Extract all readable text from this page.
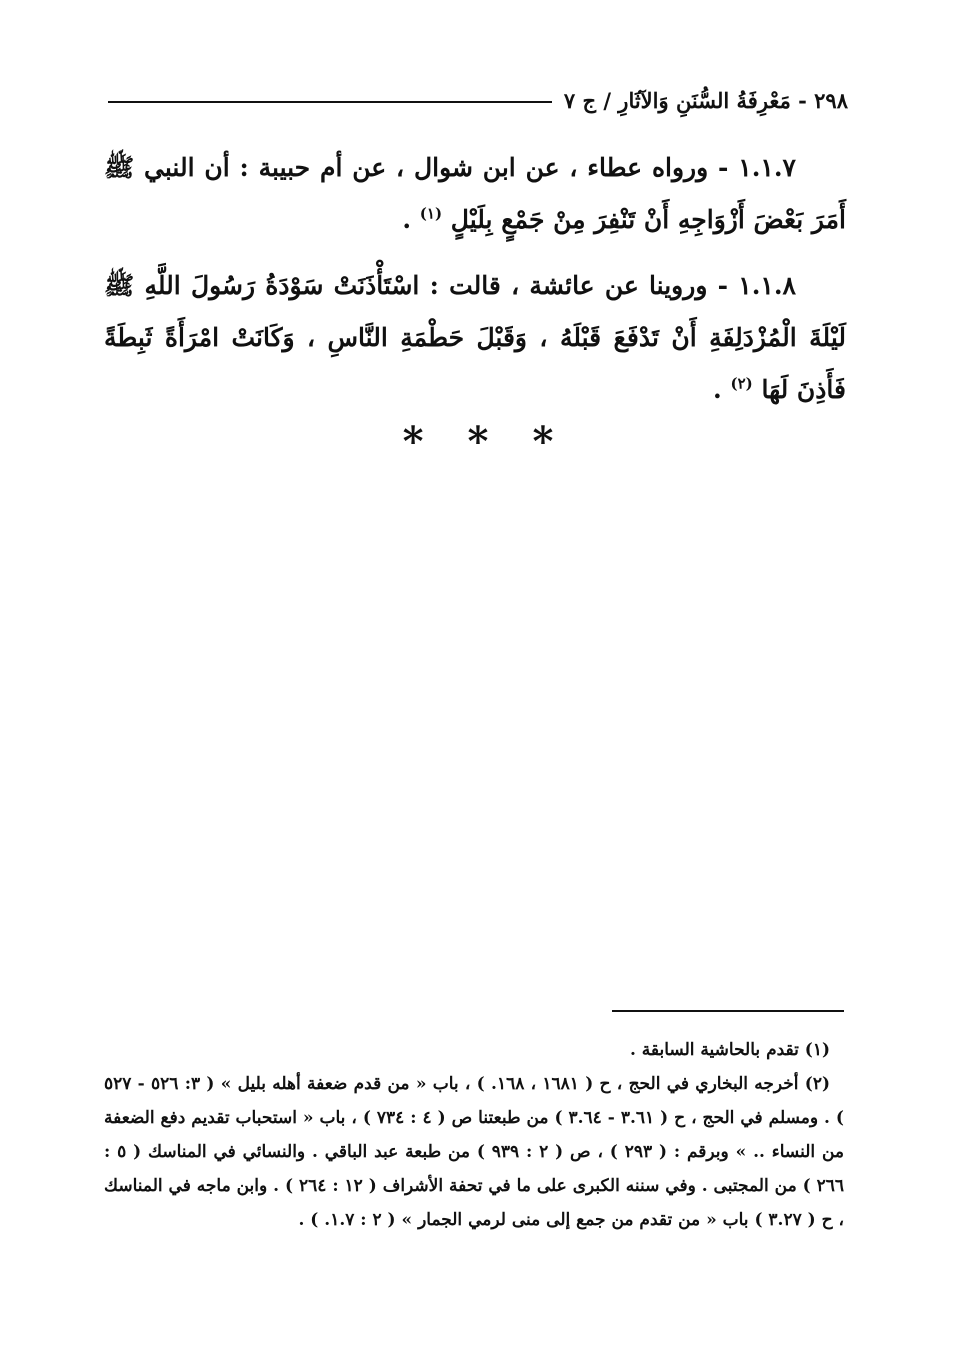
٢٩٨ - مَعْرِفَةُ السُّنَنِ وَالآثَارِ / ج ٧

١.١.٧ - ورواه عطاء ، عن ابن شوال ، عن أم حبيبة : أن النبي ﷺ أَمَرَ بَعْضَ أَزْوَاجِهِ أَنْ تَنْفِرَ مِنْ جَمْعٍ بِلَيْلٍ $^{(١)}$ .

١.١.٨ - وروينا عن عائشة ، قالت : اسْتَأْذَنَتْ سَوْدَةُ رَسُولَ اللَّهِ ﷺ لَيْلَةَ الْمُزْدَلِفَةِ أَنْ تَدْفَعَ قَبْلَهُ ، وَقَبْلَ حَطْمَةِ النَّاسِ ، وَكَانَتْ امْرَأَةً ثَبِطَةً فَأَذِنَ لَهَا $^{(٢)}$ .

* * *

(١) تقدم بالحاشية السابقة .

(٢) أخرجه البخاري في الحج ، ح ( ١٦٨١ ، ١٦٨. ) ، باب « من قدم ضعفة أهله بليل » ( ٣: ٥٢٦ - ٥٢٧ ) . ومسلم في الحج ، ح ( ٣.٦١ - ٣.٦٤ ) من طبعتنا ص ( ٤ : ٧٣٤ ) ، باب « استحباب تقديم دفع الضعفة من النساء .. » وبرقم : ( ٢٩٣ ) ، ص ( ٢ : ٩٣٩ ) من طبعة عبد الباقي . والنسائي في المناسك ( ٥ : ٢٦٦ ) من المجتبى . وفي سننه الكبرى على ما في تحفة الأشراف ( ١٢ : ٢٦٤ ) . وابن ماجه في المناسك ، ح ( ٣.٢٧ ) باب « من تقدم من جمع إلى منى لرمي الجمار » ( ٢ : ١.٧. ) .
